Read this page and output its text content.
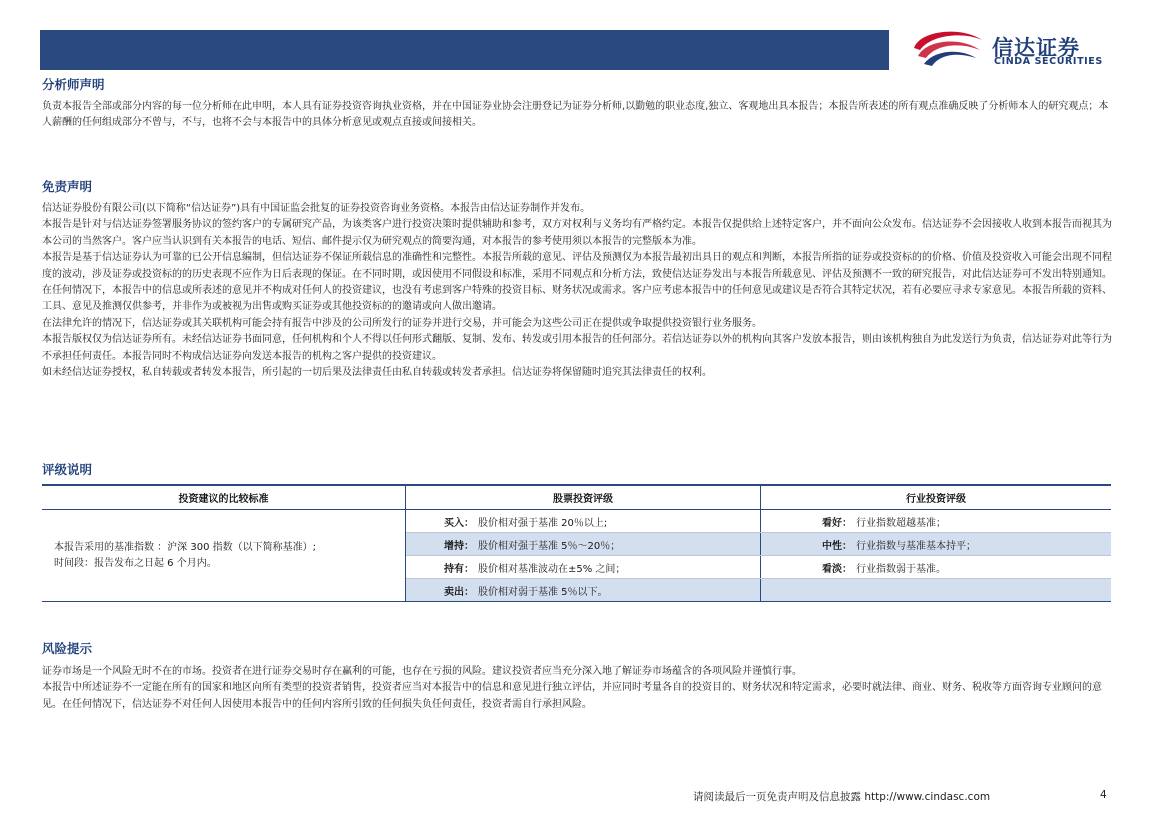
信达证券
CINDA SECURITIES
分析师声明

负责本报告全部或部分内容的每一位分析师在此申明，本人具有证券投资咨询执业资格，并在中国证券业协会注册登记为证券分析师,以勤勉的职业态度,独立、客观地出具本报告；本报告所表述的所有观点准确反映了分析师本人的研究观点；本人薪酬的任何组成部分不曾与，不与，也将不会与本报告中的具体分析意见或观点直接或间接相关。

免责声明

信达证券股份有限公司(以下简称“信达证券”)具有中国证监会批复的证券投资咨询业务资格。本报告由信达证券制作并发布。

本报告是针对与信达证券签署服务协议的签约客户的专属研究产品，为该类客户进行投资决策时提供辅助和参考，双方对权利与义务均有严格约定。本报告仅提供给上述特定客户，并不面向公众发布。信达证券不会因接收人收到本报告而视其为本公司的当然客户。客户应当认识到有关本报告的电话、短信、邮件提示仅为研究观点的简要沟通，对本报告的参考使用须以本报告的完整版本为准。

本报告是基于信达证券认为可靠的已公开信息编制，但信达证券不保证所载信息的准确性和完整性。本报告所载的意见、评估及预测仅为本报告最初出具日的观点和判断，本报告所指的证券或投资标的的价格、价值及投资收入可能会出现不同程度的波动，涉及证券或投资标的的历史表现不应作为日后表现的保证。在不同时期，或因使用不同假设和标准，采用不同观点和分析方法，致使信达证券发出与本报告所载意见、评估及预测不一致的研究报告，对此信达证券可不发出特别通知。

在任何情况下，本报告中的信息或所表述的意见并不构成对任何人的投资建议，也没有考虑到客户特殊的投资目标、财务状况或需求。客户应考虑本报告中的任何意见或建议是否符合其特定状况，若有必要应寻求专家意见。本报告所载的资料、工具、意见及推测仅供参考，并非作为或被视为出售或购买证券或其他投资标的的邀请或向人做出邀请。

在法律允许的情况下，信达证券或其关联机构可能会持有报告中涉及的公司所发行的证券并进行交易，并可能会为这些公司正在提供或争取提供投资银行业务服务。

本报告版权仅为信达证券所有。未经信达证券书面同意，任何机构和个人不得以任何形式翻版、复制、发布、转发或引用本报告的任何部分。若信达证券以外的机构向其客户发放本报告，则由该机构独自为此发送行为负责，信达证券对此等行为不承担任何责任。本报告同时不构成信达证券向发送本报告的机构之客户提供的投资建议。

如未经信达证券授权，私自转载或者转发本报告，所引起的一切后果及法律责任由私自转载或转发者承担。信达证券将保留随时追究其法律责任的权利。

评级说明
投资建议的比较标准	股票投资评级		行业投资评级	

本报告采用的基准指数 ：沪深 300 指数（以下简称基准）;
时间段：报告发布之日起 6 个月内。	买入：	股价相对强于基准 20％以上;	看好：	行业指数超越基准；
	增持：	股价相对强于基准 5％～20％；	中性：	行业指数与基准基本持平；
	持有：	股价相对基准波动在±5% 之间；	看淡：	行业指数弱于基准。
	卖出：	股价相对弱于基准 5％以下。		
风险提示

证券市场是一个风险无时不在的市场。投资者在进行证券交易时存在赢利的可能，也存在亏损的风险。建议投资者应当充分深入地了解证券市场蕴含的各项风险并谨慎行事。

本报告中所述证券不一定能在所有的国家和地区向所有类型的投资者销售，投资者应当对本报告中的信息和意见进行独立评估，并应同时考量各自的投资目的、财务状况和特定需求，必要时就法律、商业、财务、税收等方面咨询专业顾问的意见。在任何情况下，信达证券不对任何人因使用本报告中的任何内容所引致的任何损失负任何责任，投资者需自行承担风险。

请阅读最后一页免责声明及信息披露 http://www.cindasc.com	4
